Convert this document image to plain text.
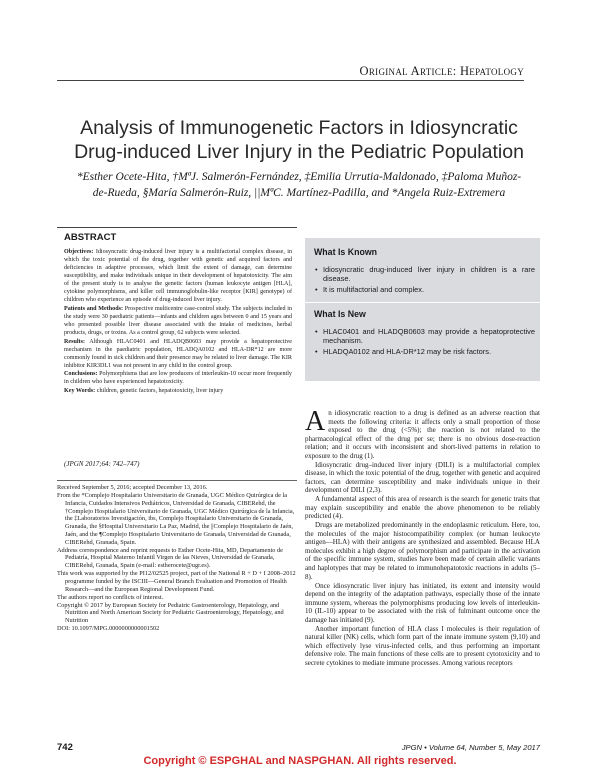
Original Article: Hepatology
Analysis of Immunogenetic Factors in Idiosyncratic Drug-induced Liver Injury in the Pediatric Population
*Esther Ocete-Hita, †MªJ. Salmerón-Fernández, ‡Emilia Urrutia-Maldonado, ‡Paloma Muñoz-de-Rueda, §María Salmerón-Ruiz, ||MªC. Martínez-Padilla, and *Angela Ruiz-Extremera
ABSTRACT

Objectives: Idiosyncratic drug-induced liver injury is a multifactorial complex disease, in which the toxic potential of the drug, together with genetic and acquired factors and deficiencies in adaptive processes, which limit the extent of damage, can determine susceptibility, and make individuals unique in their development of hepatotoxicity. The aim of the present study is to analyse the genetic factors (human leukocyte antigen [HLA], cytokine polymorphisms, and killer cell immunoglobulin-like receptor [KIR] genotype) of children who experience an episode of drug-induced liver injury.

Patients and Methods: Prospective multicentre case-control study. The subjects included in the study were 30 paediatric patients—infants and children ages between 0 and 15 years and who presented possible liver disease associated with the intake of medicines, herbal products, drugs, or toxins. As a control group, 62 subjects were selected.

Results: Although HLAC0401 and HLADQB0603 may provide a hepatoprotective mechanism in the paediatric population, HLADQA0102 and HLA-DR*12 are more commonly found in sick children and their presence may be related to liver damage. The KIR inhibitor KIR3DL1 was not present in any child in the control group.

Conclusions: Polymorphisms that are low producers of interleukin-10 occur more frequently in children who have experienced hepatotoxicity.

Key Words: children, genetic factors, hepatotoxicity, liver injury

(JPGN 2017;64: 742–747)

Received September 5, 2016; accepted December 13, 2016.

From the *Complejo Hospitalario Universitario de Granada, UGC Médico Quirúrgica de la Infancia, Cuidados Intensivos Pediátricos, Universidad de Granada, CIBERehd, the †Complejo Hospitalario Universitario de Granada, UGC Médico Quirúrgica de la Infancia, the ‡Laboratorios Investigación, ibs, Complejo Hospitalario Universitario de Granada, Granada, the §Hospital Universitario La Paz, Madrid, the ||Complejo Hospitalario de Jaén, Jaén, and the ¶Complejo Hospitalario Universitario de Granada, Universidad de Granada, CIBERehd, Granada, Spain.

Address correspondence and reprint requests to Esther Ocete-Hita, MD, Departamento de Pediatría, Hospital Materno Infantil Virgen de las Nieves, Universidad de Granada, CIBERehd, Granada, Spain (e-mail: estherocete@ugr.es).

This work was supported by the PI12/02525 project, part of the National R + D + I 2008–2012 programme funded by the ISCIII—General Branch Evaluation and Promotion of Health Research—and the European Regional Development Fund.

The authors report no conflicts of interest.

Copyright © 2017 by European Society for Pediatric Gastroenterology, Hepatology, and Nutrition and North American Society for Pediatric Gastroenterology, Hepatology, and Nutrition

DOI: 10.1097/MPG.0000000000001502

What Is Known
• Idiosyncratic drug-induced liver injury in children is a rare disease.
• It is multifactorial and complex.
What Is New
• HLAC0401 and HLADQB0603 may provide a hepatoprotective mechanism.
• HLADQA0102 and HLA-DR*12 may be risk factors.

An idiosyncratic reaction to a drug is defined as an adverse reaction that meets the following criteria: it affects only a small proportion of those exposed to the drug (<5%); the reaction is not related to the pharmacological effect of the drug per se; there is no obvious dose-reaction relation; and it occurs with inconsistent and short-lived patterns in relation to exposure to the drug (1).

Idiosyncratic drug–induced liver injury (DILI) is a multifactorial complex disease, in which the toxic potential of the drug, together with genetic and acquired factors, can determine susceptibility and make individuals unique in their development of DILI (2,3).

A fundamental aspect of this area of research is the search for genetic traits that may explain susceptibility and enable the above phenomenon to be reliably predicted (4).

Drugs are metabolized predominantly in the endoplasmic reticulum. Here, too, the molecules of the major histocompatibility complex (or human leukocyte antigen—HLA) with their antigens are synthesized and assembled. Because HLA molecules exhibit a high degree of polymorphism and participate in the activation of the specific immune system, studies have been made of certain allelic variants and haplotypes that may be related to immunohepatotoxic reactions in adults (5–8).

Once idiosyncratic liver injury has initiated, its extent and intensity would depend on the integrity of the adaptation pathways, especially those of the innate immune system, whereas the polymorphisms producing low levels of interleukin-10 (IL-10) appear to be associated with the risk of fulminant outcome once the damage has initiated (9).

Another important function of HLA class I molecules is their regulation of natural killer (NK) cells, which form part of the innate immune system (9,10) and which effectively lyse virus-infected cells, and thus performing an important defensive role. The main functions of these cells are to present cytotoxicity and to secrete cytokines to mediate immune processes. Among various receptors

742	JPGN • Volume 64, Number 5, May 2017
Copyright © ESPGHAL and NASPGHAN. All rights reserved.
